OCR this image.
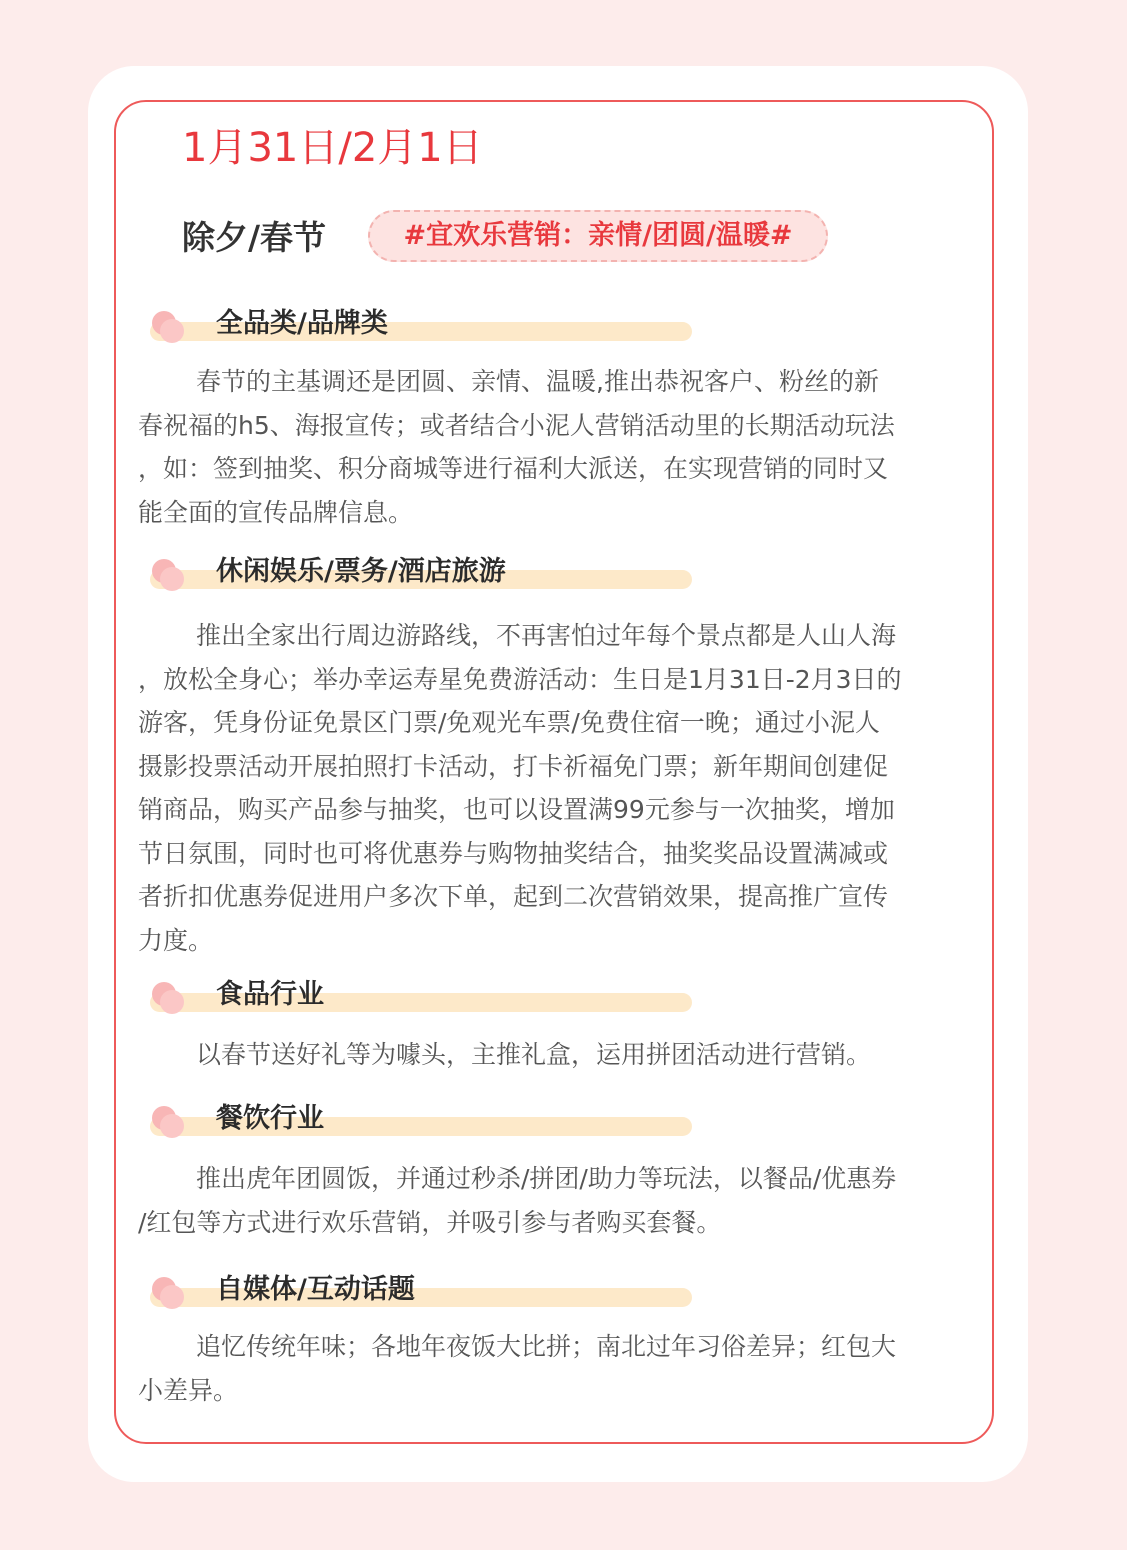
1月31日/2月1日
除夕/春节	#宜欢乐营销：亲情/团圆/温暖#
全品类/品牌类
春节的主基调还是团圆、亲情、温暖,推出恭祝客户、粉丝的新
春祝福的h5、海报宣传；或者结合小泥人营销活动里的长期活动玩法
，如：签到抽奖、积分商城等进行福利大派送，在实现营销的同时又
能全面的宣传品牌信息。
休闲娱乐/票务/酒店旅游
推出全家出行周边游路线，不再害怕过年每个景点都是人山人海
，放松全身心；举办幸运寿星免费游活动：生日是1月31日-2月3日的
游客，凭身份证免景区门票/免观光车票/免费住宿一晚；通过小泥人
摄影投票活动开展拍照打卡活动，打卡祈福免门票；新年期间创建促
销商品，购买产品参与抽奖，也可以设置满99元参与一次抽奖，增加
节日氛围，同时也可将优惠券与购物抽奖结合，抽奖奖品设置满减或
者折扣优惠券促进用户多次下单，起到二次营销效果，提高推广宣传
力度。
食品行业
以春节送好礼等为噱头，主推礼盒，运用拼团活动进行营销。
餐饮行业
推出虎年团圆饭，并通过秒杀/拼团/助力等玩法，以餐品/优惠券
/红包等方式进行欢乐营销，并吸引参与者购买套餐。
自媒体/互动话题
追忆传统年味；各地年夜饭大比拼；南北过年习俗差异；红包大
小差异。
